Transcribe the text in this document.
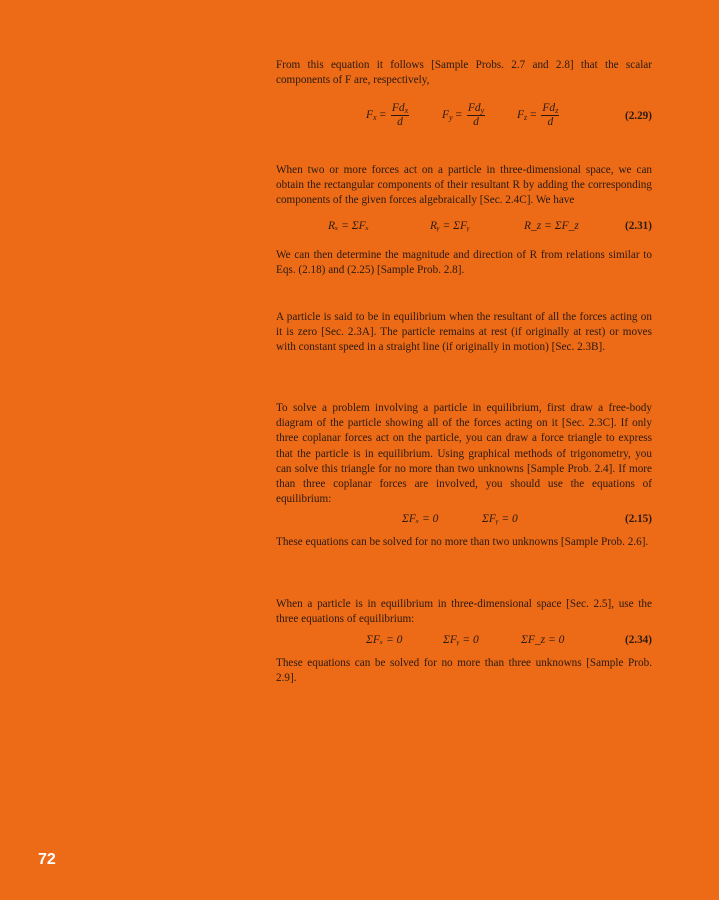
From this equation it follows [Sample Probs. 2.7 and 2.8] that the scalar components of F are, respectively,

$F_x = \frac{Fd_x}{d}$	$F_y = \frac{Fd_y}{d}$	$F_z = \frac{Fd_z}{d}$	(2.29)

When two or more forces act on a particle in three-dimensional space, we can obtain the rectangular components of their resultant R by adding the corresponding components of the given forces algebraically [Sec. 2.4C]. We have

Rₓ = ΣFₓ	Rᵧ = ΣFᵧ	R_z = ΣF_z	(2.31)

We can then determine the magnitude and direction of R from relations similar to Eqs. (2.18) and (2.25) [Sample Prob. 2.8].

A particle is said to be in equilibrium when the resultant of all the forces acting on it is zero [Sec. 2.3A]. The particle remains at rest (if originally at rest) or moves with constant speed in a straight line (if originally in motion) [Sec. 2.3B].

To solve a problem involving a particle in equilibrium, first draw a free-body diagram of the particle showing all of the forces acting on it [Sec. 2.3C]. If only three coplanar forces act on the particle, you can draw a force triangle to express that the particle is in equilibrium. Using graphical methods of trigonometry, you can solve this triangle for no more than two unknowns [Sample Prob. 2.4]. If more than three coplanar forces are involved, you should use the equations of equilibrium:

ΣFₓ = 0	ΣFᵧ = 0	(2.15)

These equations can be solved for no more than two unknowns [Sample Prob. 2.6].

When a particle is in equilibrium in three-dimensional space [Sec. 2.5], use the three equations of equilibrium:

ΣFₓ = 0	ΣFᵧ = 0	ΣF_z = 0	(2.34)

These equations can be solved for no more than three unknowns [Sample Prob. 2.9].

72
